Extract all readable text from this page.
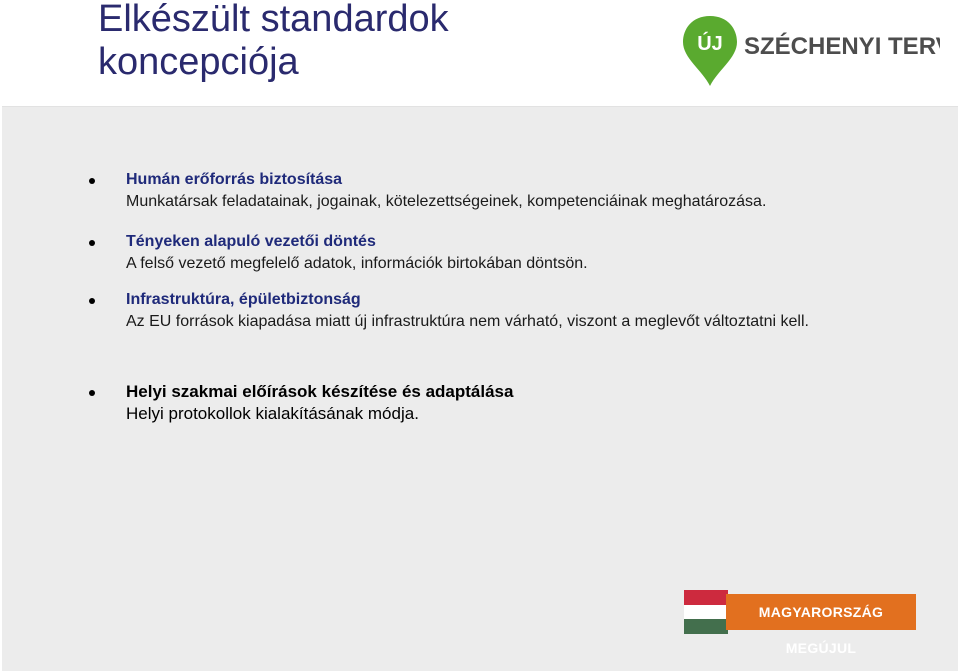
Elkészült standardok koncepciója	ÚJ SZÉCHENYI TERV
Humán erőforrás biztosítása
Munkatársak feladatainak, jogainak, kötelezettségeinek, kompetenciáinak meghatározása.
Tényeken alapuló vezetői döntés
A felső vezető megfelelő adatok, információk birtokában döntsön.
Infrastruktúra, épületbiztonság
Az EU források kiapadása miatt új infrastruktúra nem várható, viszont a meglevőt változtatni kell.
Helyi szakmai előírások készítése és adaptálása
Helyi protokollok kialakításának módja.
MAGYARORSZÁG MEGÚJUL
